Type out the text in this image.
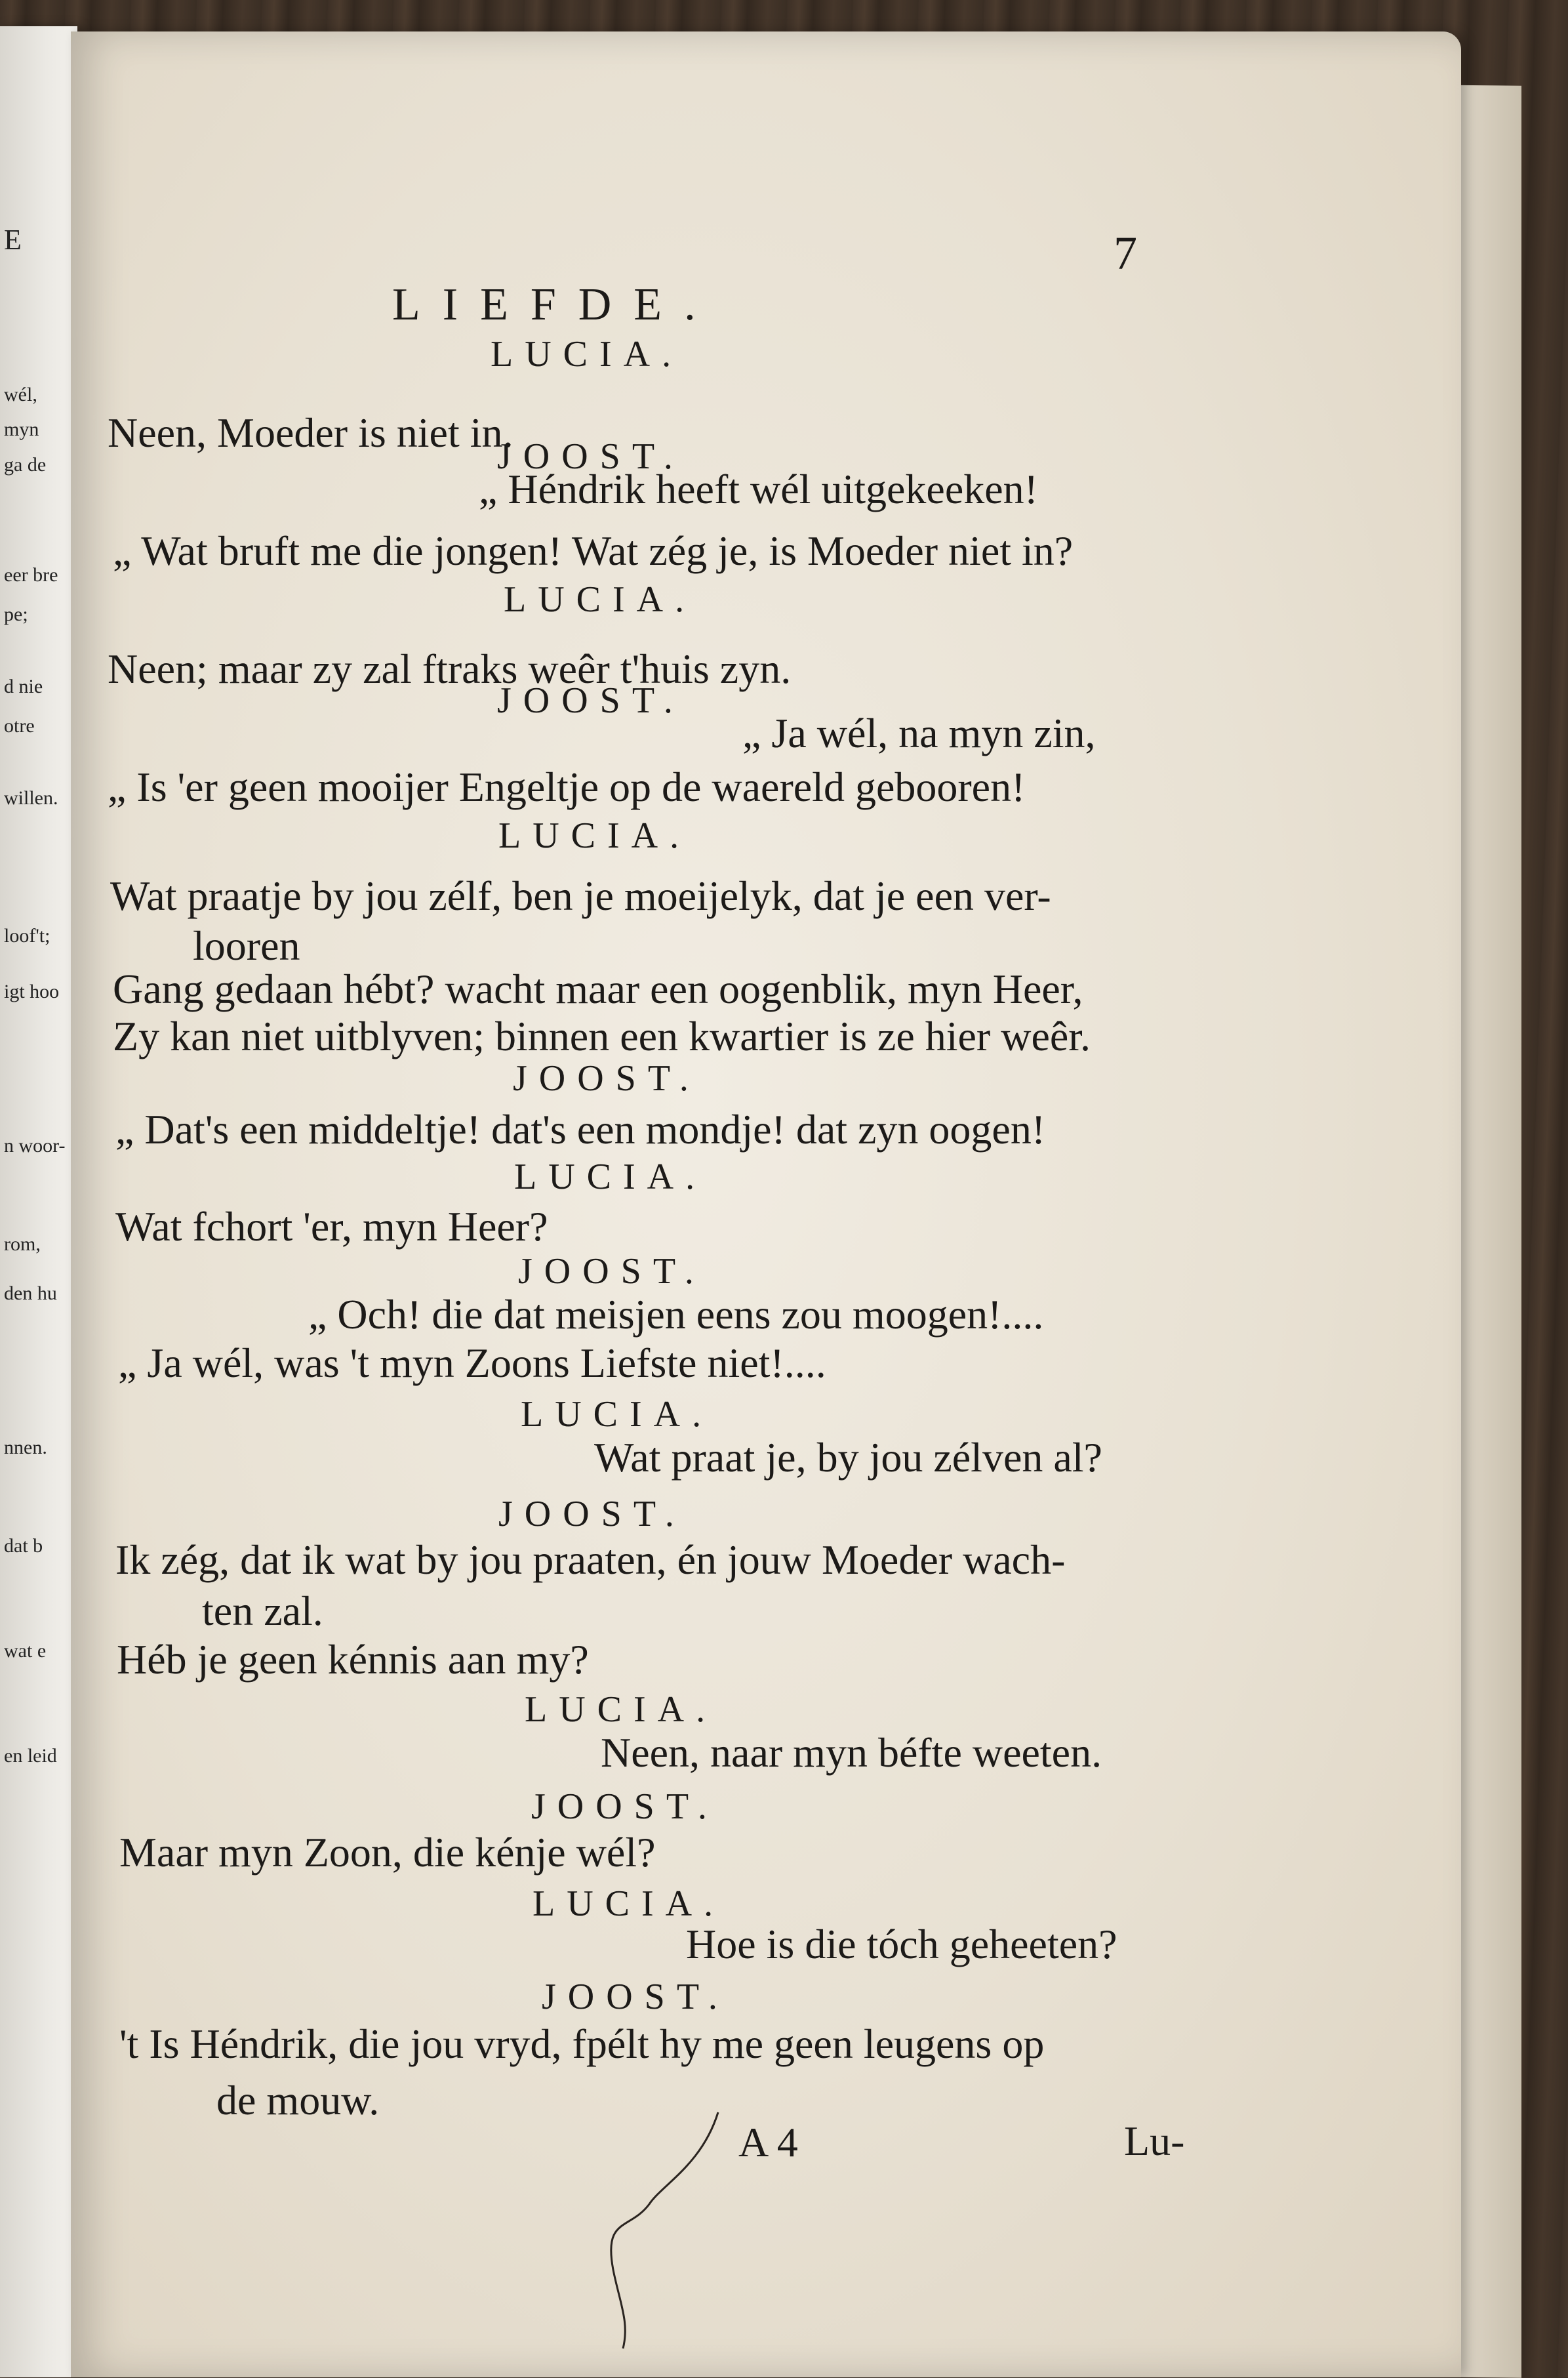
E
wél,
myn
ga de
eer bre
pe;
d nie
otre
willen.
loof't;
igt hoo
n woor-
rom,
den hu
nnen.
dat b
wat e
en leid
LIEFDE.
7
LUCIA.
Neen, Moeder is niet in.
JOOST.
„ Héndrik heeft wél uitgekeeken!
„ Wat bruft me die jongen! Wat zég je, is Moeder niet in?
LUCIA.
Neen; maar zy zal ftraks weêr t'huis zyn.
JOOST.
„ Ja wél, na myn zin,
„ Is 'er geen mooijer Engeltje op de waereld gebooren!
LUCIA.
Wat praatje by jou zélf, ben je moeijelyk, dat je een ver-
looren
Gang gedaan hébt? wacht maar een oogenblik, myn Heer,
Zy kan niet uitblyven; binnen een kwartier is ze hier weêr.
JOOST.
„ Dat's een middeltje! dat's een mondje! dat zyn oogen!
LUCIA.
Wat fchort 'er, myn Heer?
JOOST.
„ Och! die dat meisjen eens zou moogen!....
„ Ja wél, was 't myn Zoons Liefste niet!....
LUCIA.
Wat praat je, by jou zélven al?
JOOST.
Ik zég, dat ik wat by jou praaten, én jouw Moeder wach-
ten zal.
Héb je geen kénnis aan my?
LUCIA.
Neen, naar myn béfte weeten.
JOOST.
Maar myn Zoon, die kénje wél?
LUCIA.
Hoe is die tóch geheeten?
JOOST.
't Is Héndrik, die jou vryd, fpélt hy me geen leugens op
de mouw.
A 4	Lu-
